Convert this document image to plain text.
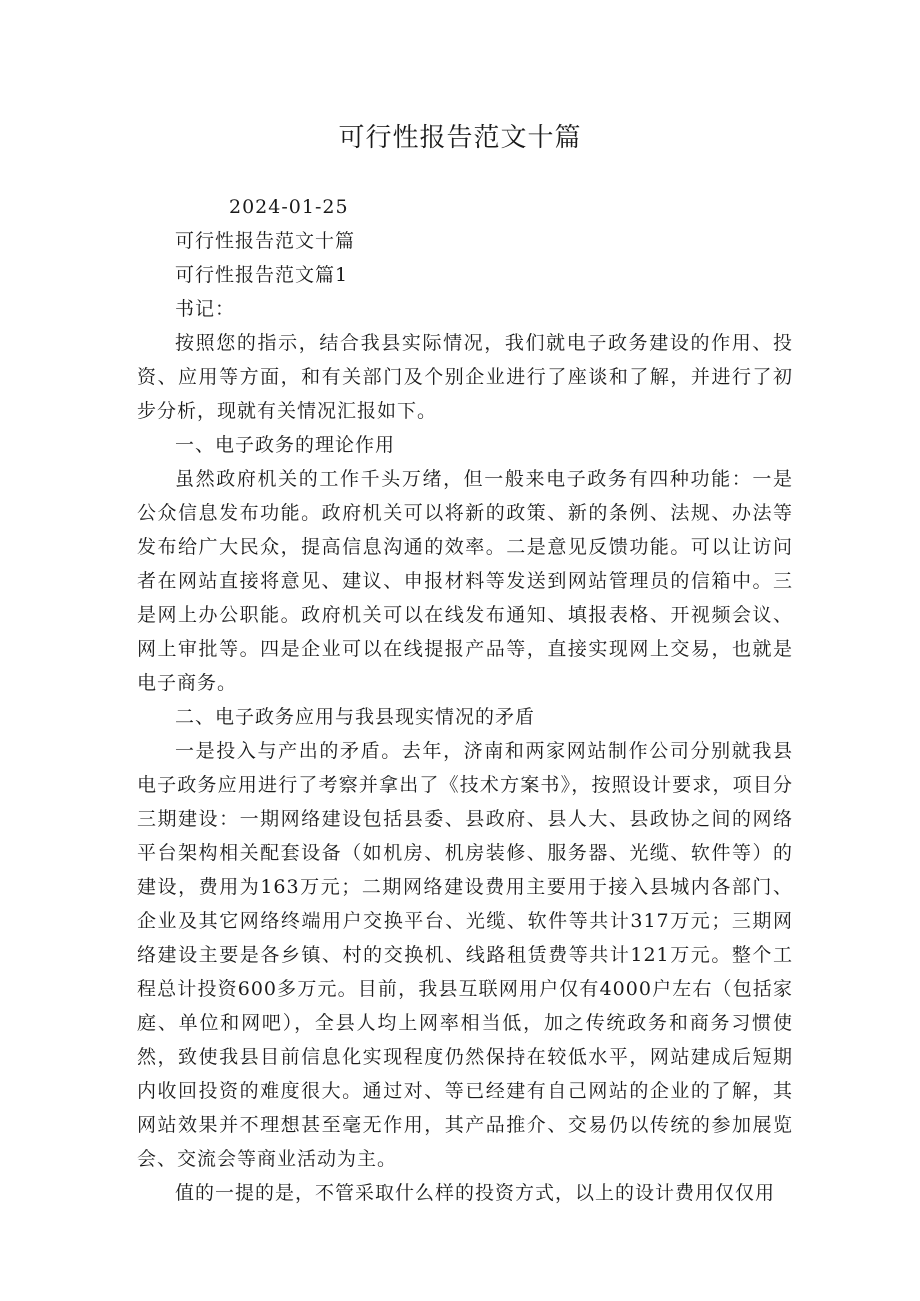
可行性报告范文十篇

2024-01-25

可行性报告范文十篇

可行性报告范文篇1

书记：

按照您的指示，结合我县实际情况，我们就电子政务建设的作用、投资、应用等方面，和有关部门及个别企业进行了座谈和了解，并进行了初步分析，现就有关情况汇报如下。

一、电子政务的理论作用

虽然政府机关的工作千头万绪，但一般来电子政务有四种功能：一是公众信息发布功能。政府机关可以将新的政策、新的条例、法规、办法等发布给广大民众，提高信息沟通的效率。二是意见反馈功能。可以让访问者在网站直接将意见、建议、申报材料等发送到网站管理员的信箱中。三是网上办公职能。政府机关可以在线发布通知、填报表格、开视频会议、网上审批等。四是企业可以在线提报产品等，直接实现网上交易，也就是电子商务。

二、电子政务应用与我县现实情况的矛盾

一是投入与产出的矛盾。去年，济南和两家网站制作公司分别就我县电子政务应用进行了考察并拿出了《技术方案书》，按照设计要求，项目分三期建设：一期网络建设包括县委、县政府、县人大、县政协之间的网络平台架构相关配套设备（如机房、机房装修、服务器、光缆、软件等）的建设，费用为163万元；二期网络建设费用主要用于接入县城内各部门、企业及其它网络终端用户交换平台、光缆、软件等共计317万元；三期网络建设主要是各乡镇、村的交换机、线路租赁费等共计121万元。整个工程总计投资600多万元。目前，我县互联网用户仅有4000户左右（包括家庭、单位和网吧），全县人均上网率相当低，加之传统政务和商务习惯使然，致使我县目前信息化实现程度仍然保持在较低水平，网站建成后短期内收回投资的难度很大。通过对、等已经建有自己网站的企业的了解，其网站效果并不理想甚至毫无作用，其产品推介、交易仍以传统的参加展览会、交流会等商业活动为主。

值的一提的是，不管采取什么样的投资方式，以上的设计费用仅仅用
